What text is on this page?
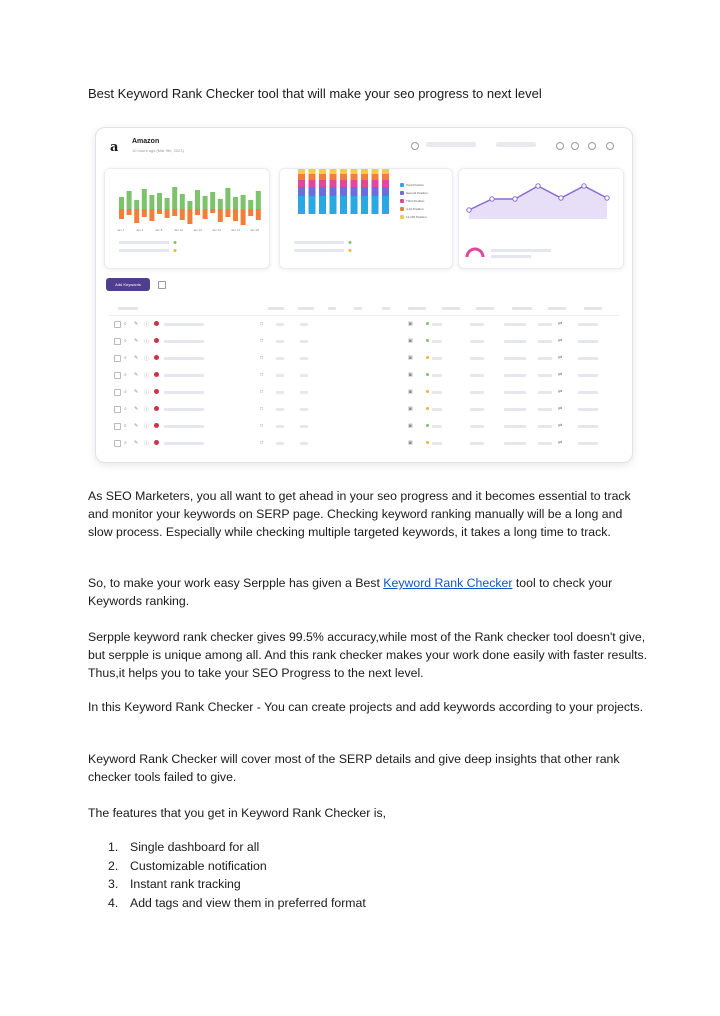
Best Keyword Rank Checker tool that will make your seo progress to next level
a Amazon
10 hours ago (Mar 9th, 2023)
Jan 1	Jan 4	Jan 8	Jan 12	Jan 16	Jan 20	Jan 24	Jan 28
Top3 Position
Second Position
Third Position
4-10 Position
11-100 Position
Add Keywords
⌕ ✎ ⓘ	□	▣	⇄
⌕ ✎ ⓘ	□	▣	⇄
⌕ ✎ ⓘ	□	▣	⇄
⌕ ✎ ⓘ	□	▣	⇄
⌕ ✎ ⓘ	□	▣	⇄
⌕ ✎ ⓘ	□	▣	⇄
⌕ ✎ ⓘ	□	▣	⇄
⌕ ✎ ⓘ	□	▣	⇄

As SEO Marketers, you all want to get ahead in your seo progress and it becomes essential to track and monitor your keywords on SERP page. Checking keyword ranking manually will be a long and slow process. Especially while checking multiple targeted keywords, it takes a long time to track.

So, to make your work easy Serpple has given a Best Keyword Rank Checker tool to check your Keywords ranking.

Serpple keyword rank checker gives 99.5% accuracy,while most of the Rank checker tool doesn't give, but serpple is unique among all. And this rank checker makes your work done easily with faster results. Thus,it helps you to take your SEO Progress to the next level.

In this Keyword Rank Checker - You can create projects and add keywords according to your projects.

Keyword Rank Checker will cover most of the SERP details and give deep insights that other rank checker tools failed to give.

The features that you get in Keyword Rank Checker is,

1. Single dashboard for all
2. Customizable notification
3. Instant rank tracking
4. Add tags and view them in preferred format
